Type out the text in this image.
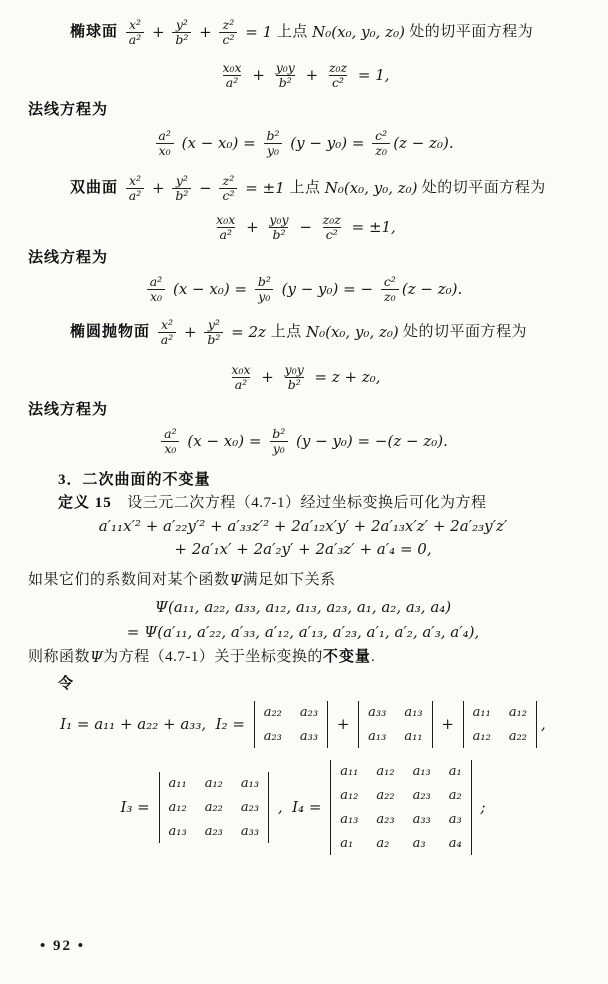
椭球面 $\frac{\text{x²}}{\text{a²}} + \frac{\text{y²}}{\text{b²}} + \frac{\text{z²}}{\text{c²}} = 1$ 上点 N₀(x₀, y₀, z₀) 处的切平面方程为
$\frac{\text{x₀x}}{\text{a²}} + \frac{\text{y₀y}}{\text{b²}} + \frac{\text{z₀z}}{\text{c²}} = 1$,
法线方程为
$\frac{\text{a²}}{\text{x₀}} (x - x_0) = \frac{\text{b²}}{\text{y₀}} (y - y_0) = \frac{\text{c²}}{\text{z₀}} (z - z_0)$.
双曲面 $\frac{\text{x²}}{\text{a²}} + \frac{\text{y²}}{\text{b²}} - \frac{\text{z²}}{\text{c²}} = \pm 1$ 上点 N₀(x₀, y₀, z₀) 处的切平面方程为
$\frac{\text{x₀x}}{\text{a²}} + \frac{\text{y₀y}}{\text{b²}} - \frac{\text{z₀z}}{\text{c²}} = \pm 1$,
法线方程为
$\frac{\text{a²}}{\text{x₀}} (x - x_0) = \frac{\text{b²}}{\text{y₀}} (y - y_0)$ = − $\frac{\text{c²}}{\text{z₀}} (z - z_0)$.
椭圆抛物面 $\frac{\text{x²}}{\text{a²}} + \frac{\text{y²}}{\text{b²}} = 2z$ 上点 N₀(x₀, y₀, z₀) 处的切平面方程为
$\frac{\text{x₀x}}{\text{a²}} + \frac{\text{y₀y}}{\text{b²}} = z + z_0$,
法线方程为
$\frac{\text{a²}}{\text{x₀}} (x - x_0) = \frac{\text{b²}}{\text{y₀}} (y - y_0) = -(z - z_0)$.
3．二次曲面的不变量
定义 15 　设三元二次方程（4.7-1）经过坐标变换后可化为方程
a′₁₁x′² + a′₂₂y′² + a′₃₃z′² + 2a′₁₂x′y′ + 2a′₁₃x′z′ + 2a′₂₃y′z′
+ 2a′₁x′ + 2a′₂y′ + 2a′₃z′ + a′₄ = 0,
如果它们的系数间对某个函数 Ψ 满足如下关系
Ψ(a₁₁, a₂₂, a₃₃, a₁₂, a₁₃, a₂₃, a₁, a₂, a₃, a₄)
= Ψ(a′₁₁, a′₂₂, a′₃₃, a′₁₂, a′₁₃, a′₂₃, a′₁, a′₂, a′₃, a′₄),
则称函数 Ψ 为方程（4.7-1）关于坐标变换的 不变量 .
令
I₁ = a₁₁ + a₂₂ + a₃₃,  I₂ =
a₂₂ a₂₃
a₂₃ a₃₃
+
a₃₃ a₁₃
a₁₃ a₁₁
+
a₁₁ a₁₂
a₁₂ a₂₂
,
I₃ =
a₁₁ a₁₂ a₁₃
a₁₂ a₂₂ a₂₃
a₁₃ a₂₃ a₃₃
,  I₄ =
a₁₁ a₁₂ a₁₃ a₁
a₁₂ a₂₂ a₂₃ a₂
a₁₃ a₂₃ a₃₃ a₃
a₁	a₂	a₃	a₄
;
• 92 •
